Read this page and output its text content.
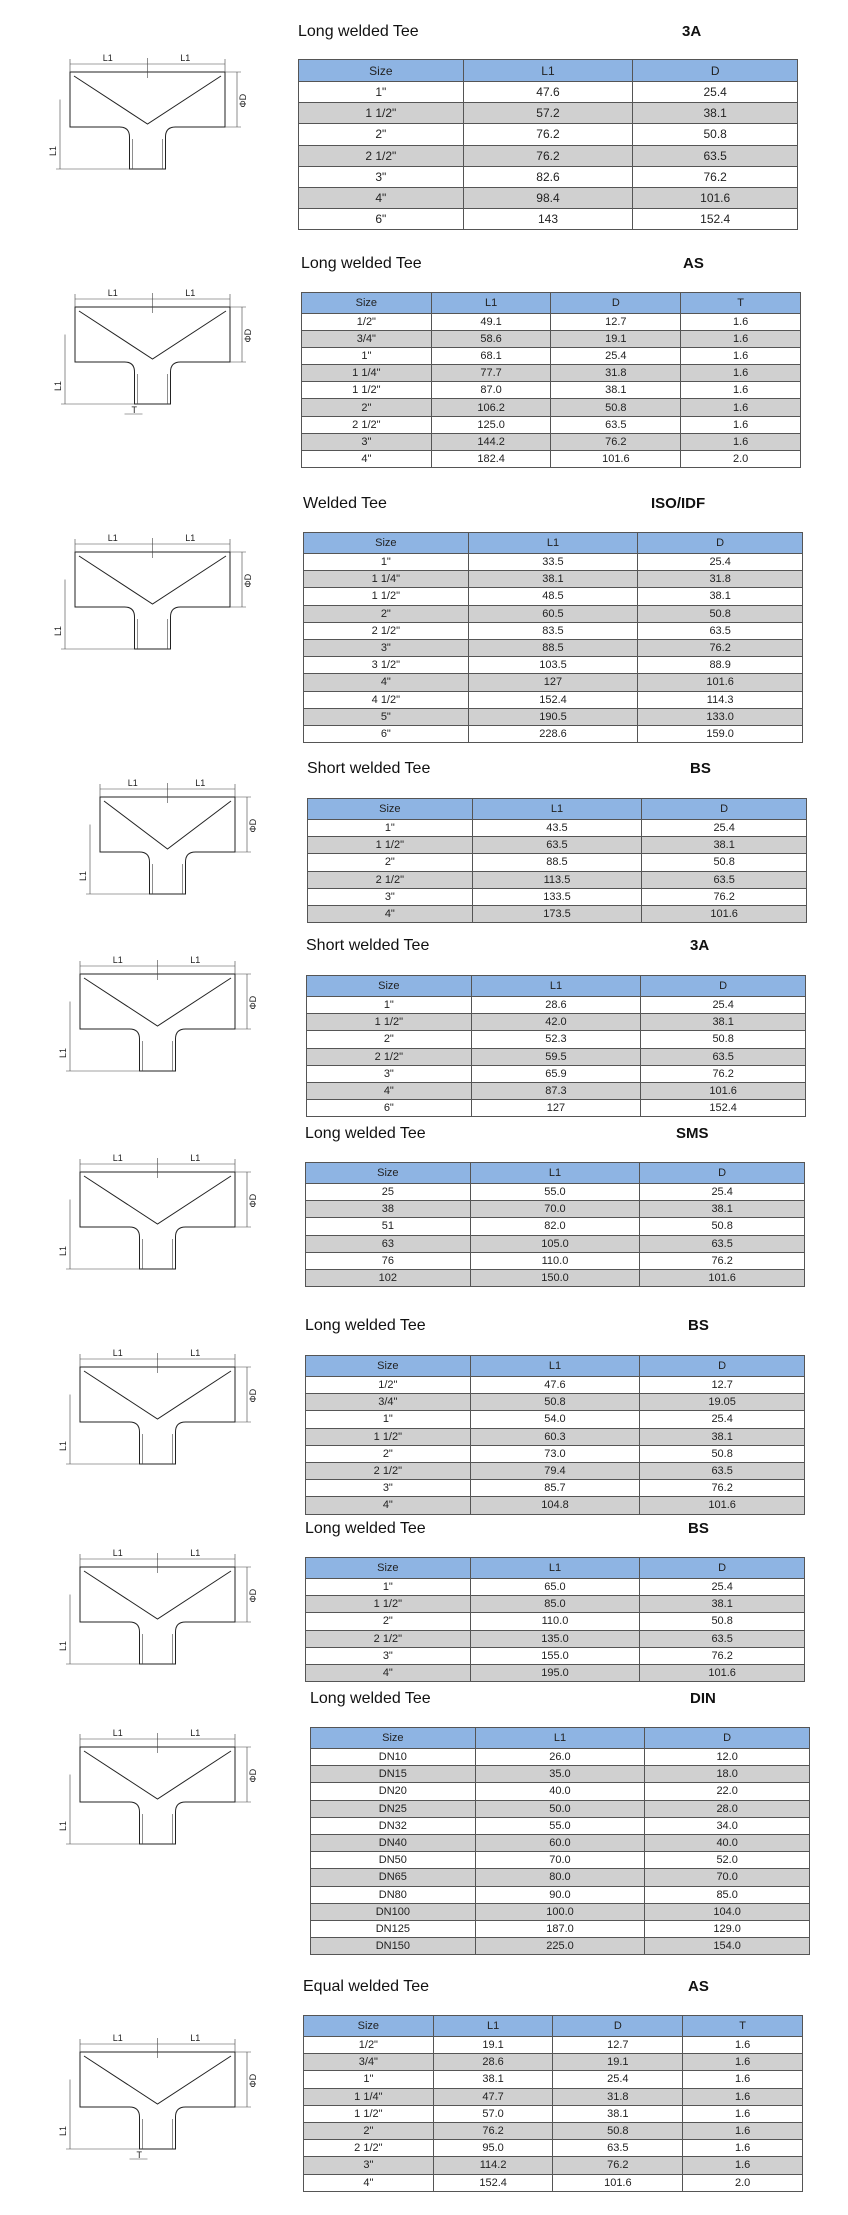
Long welded Tee	3A
Size	L1	D
1"	47.6	25.4
1 1/2"	57.2	38.1
2"	76.2	50.8
2 1/2"	76.2	63.5
3"	82.6	76.2
4"	98.4	101.6
6"	143	152.4
L1	L1
L1
ΦD
Long welded Tee	AS
Size	L1	D	T
1/2"	49.1	12.7	1.6
3/4"	58.6	19.1	1.6
1"	68.1	25.4	1.6
1 1/4"	77.7	31.8	1.6
1 1/2"	87.0	38.1	1.6
2"	106.2	50.8	1.6
2 1/2"	125.0	63.5	1.6
3"	144.2	76.2	1.6
4"	182.4	101.6	2.0
L1	L1
L1
ΦD
T
Welded Tee	ISO/IDF
Size	L1	D
1"	33.5	25.4
1 1/4"	38.1	31.8
1 1/2"	48.5	38.1
2"	60.5	50.8
2 1/2"	83.5	63.5
3"	88.5	76.2
3 1/2"	103.5	88.9
4"	127	101.6
4 1/2"	152.4	114.3
5"	190.5	133.0
6"	228.6	159.0
L1	L1
L1
ΦD
Short welded Tee	BS
Size	L1	D
1"	43.5	25.4
1 1/2"	63.5	38.1
2"	88.5	50.8
2 1/2"	113.5	63.5
3"	133.5	76.2
4"	173.5	101.6
L1	L1
L1
ΦD
Short welded Tee	3A
Size	L1	D
1"	28.6	25.4
1 1/2"	42.0	38.1
2"	52.3	50.8
2 1/2"	59.5	63.5
3"	65.9	76.2
4"	87.3	101.6
6"	127	152.4
L1	L1
L1
ΦD
Long welded Tee	SMS
Size	L1	D
25	55.0	25.4
38	70.0	38.1
51	82.0	50.8
63	105.0	63.5
76	110.0	76.2
102	150.0	101.6
L1	L1
L1
ΦD
Long welded Tee	BS
Size	L1	D
1/2"	47.6	12.7
3/4"	50.8	19.05
1"	54.0	25.4
1 1/2"	60.3	38.1
2"	73.0	50.8
2 1/2"	79.4	63.5
3"	85.7	76.2
4"	104.8	101.6
L1	L1
L1
ΦD
Long welded Tee	BS
Size	L1	D
1"	65.0	25.4
1 1/2"	85.0	38.1
2"	110.0	50.8
2 1/2"	135.0	63.5
3"	155.0	76.2
4"	195.0	101.6
L1	L1
L1
ΦD
Long welded Tee	DIN
Size	L1	D
DN10	26.0	12.0
DN15	35.0	18.0
DN20	40.0	22.0
DN25	50.0	28.0
DN32	55.0	34.0
DN40	60.0	40.0
DN50	70.0	52.0
DN65	80.0	70.0
DN80	90.0	85.0
DN100	100.0	104.0
DN125	187.0	129.0
DN150	225.0	154.0
L1	L1
L1
ΦD
Equal welded Tee	AS
Size	L1	D	T
1/2"	19.1	12.7	1.6
3/4"	28.6	19.1	1.6
1"	38.1	25.4	1.6
1 1/4"	47.7	31.8	1.6
1 1/2"	57.0	38.1	1.6
2"	76.2	50.8	1.6
2 1/2"	95.0	63.5	1.6
3"	114.2	76.2	1.6
4"	152.4	101.6	2.0
L1	L1
L1
ΦD
T
